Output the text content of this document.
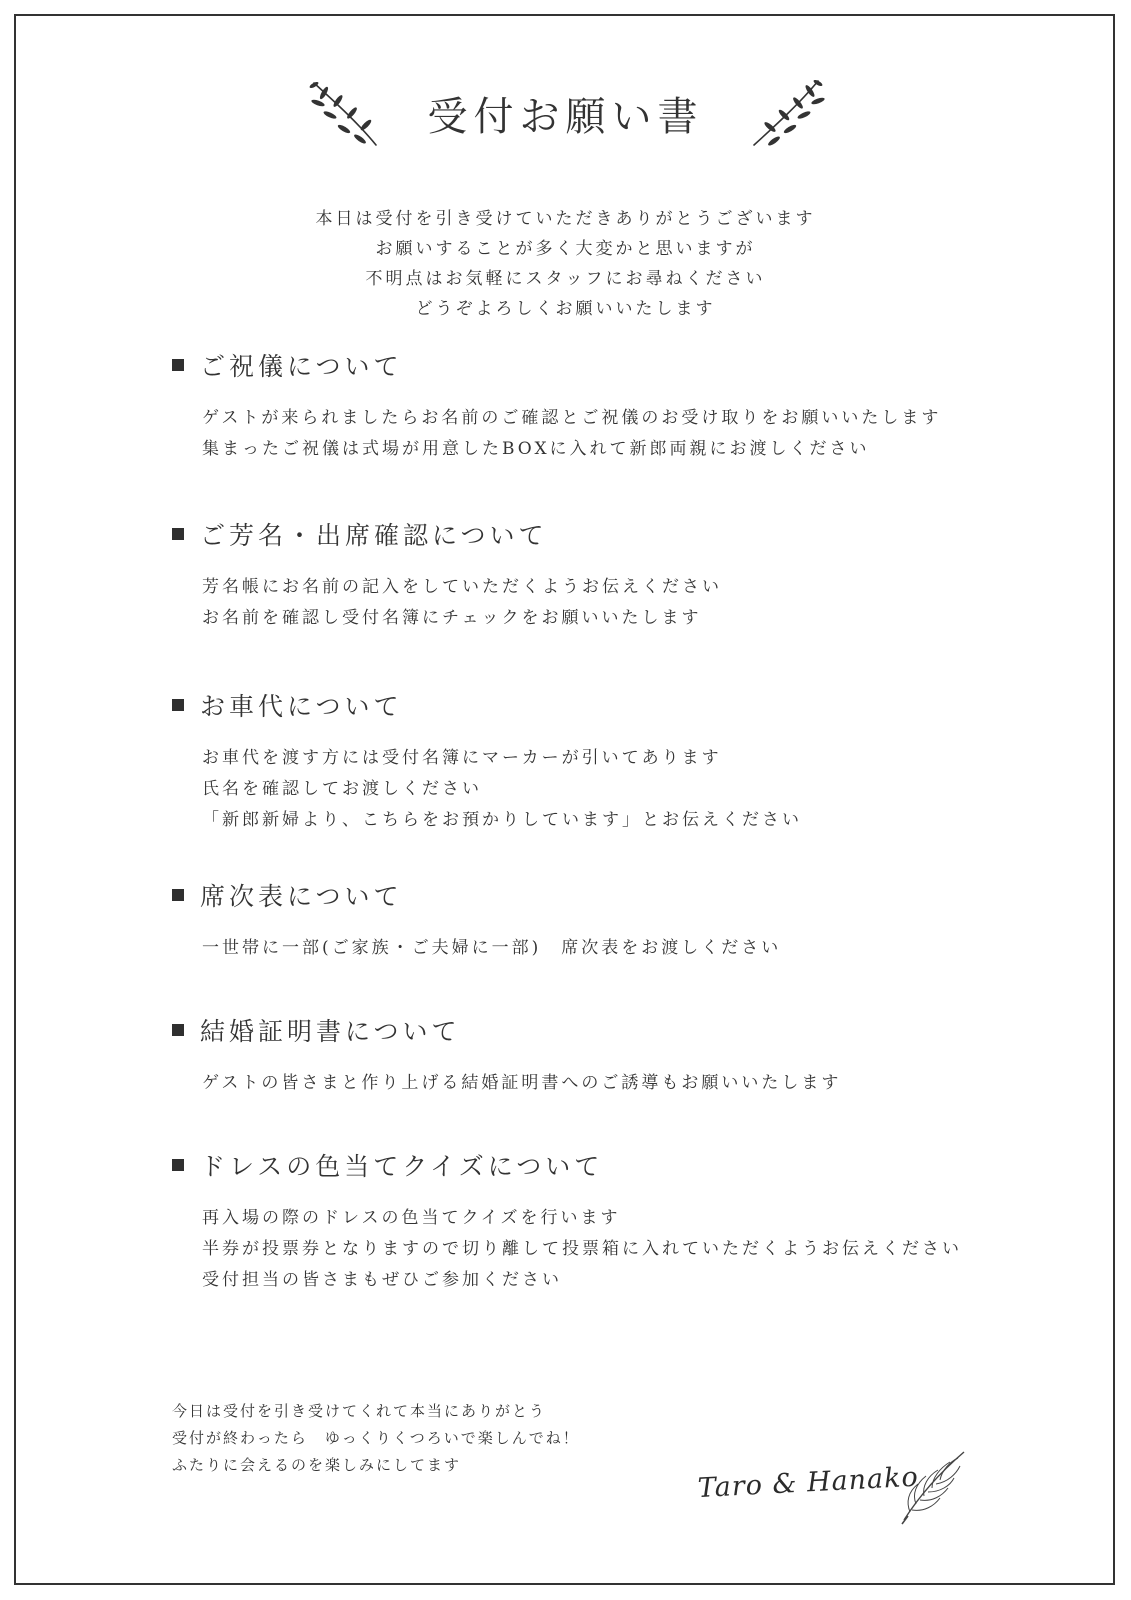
受付お願い書
本日は受付を引き受けていただきありがとうございます
お願いすることが多く大変かと思いますが
不明点はお気軽にスタッフにお尋ねください
どうぞよろしくお願いいたします
ご祝儀について
ゲストが来られましたらお名前のご確認とご祝儀のお受け取りをお願いいたします
集まったご祝儀は式場が用意したBOXに入れて新郎両親にお渡しください
ご芳名・出席確認について
芳名帳にお名前の記入をしていただくようお伝えください
お名前を確認し受付名簿にチェックをお願いいたします
お車代について
お車代を渡す方には受付名簿にマーカーが引いてあります
氏名を確認してお渡しください
「新郎新婦より、こちらをお預かりしています」とお伝えください
席次表について
一世帯に一部(ご家族・ご夫婦に一部)　席次表をお渡しください
結婚証明書について
ゲストの皆さまと作り上げる結婚証明書へのご誘導もお願いいたします
ドレスの色当てクイズについて
再入場の際のドレスの色当てクイズを行います
半券が投票券となりますので切り離して投票箱に入れていただくようお伝えください
受付担当の皆さまもぜひご参加ください
今日は受付を引き受けてくれて本当にありがとう
受付が終わったら　ゆっくりくつろいで楽しんでね！
ふたりに会えるのを楽しみにしてます	Taro & Hanako
